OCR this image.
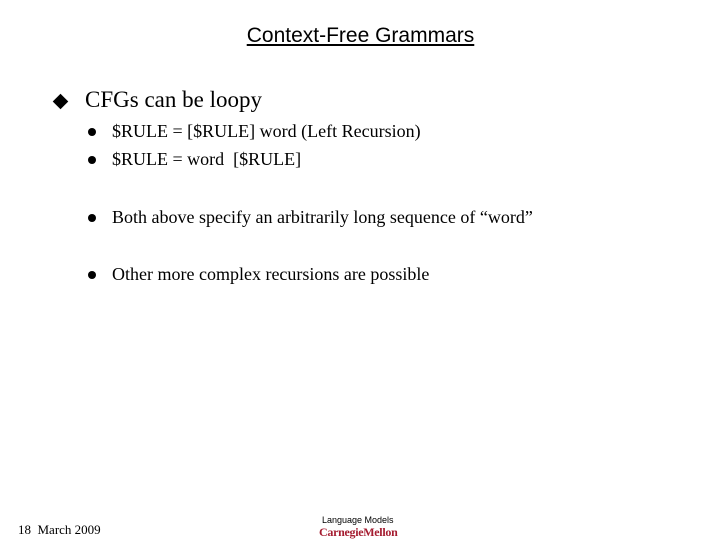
Context-Free Grammars
CFGs can be loopy
$RULE = [$RULE] word (Left Recursion)
$RULE = word  [$RULE]
Both above specify an arbitrarily long sequence of “word”
Other more complex recursions are possible
18  March 2009
Language Models
CarnegieMellon
